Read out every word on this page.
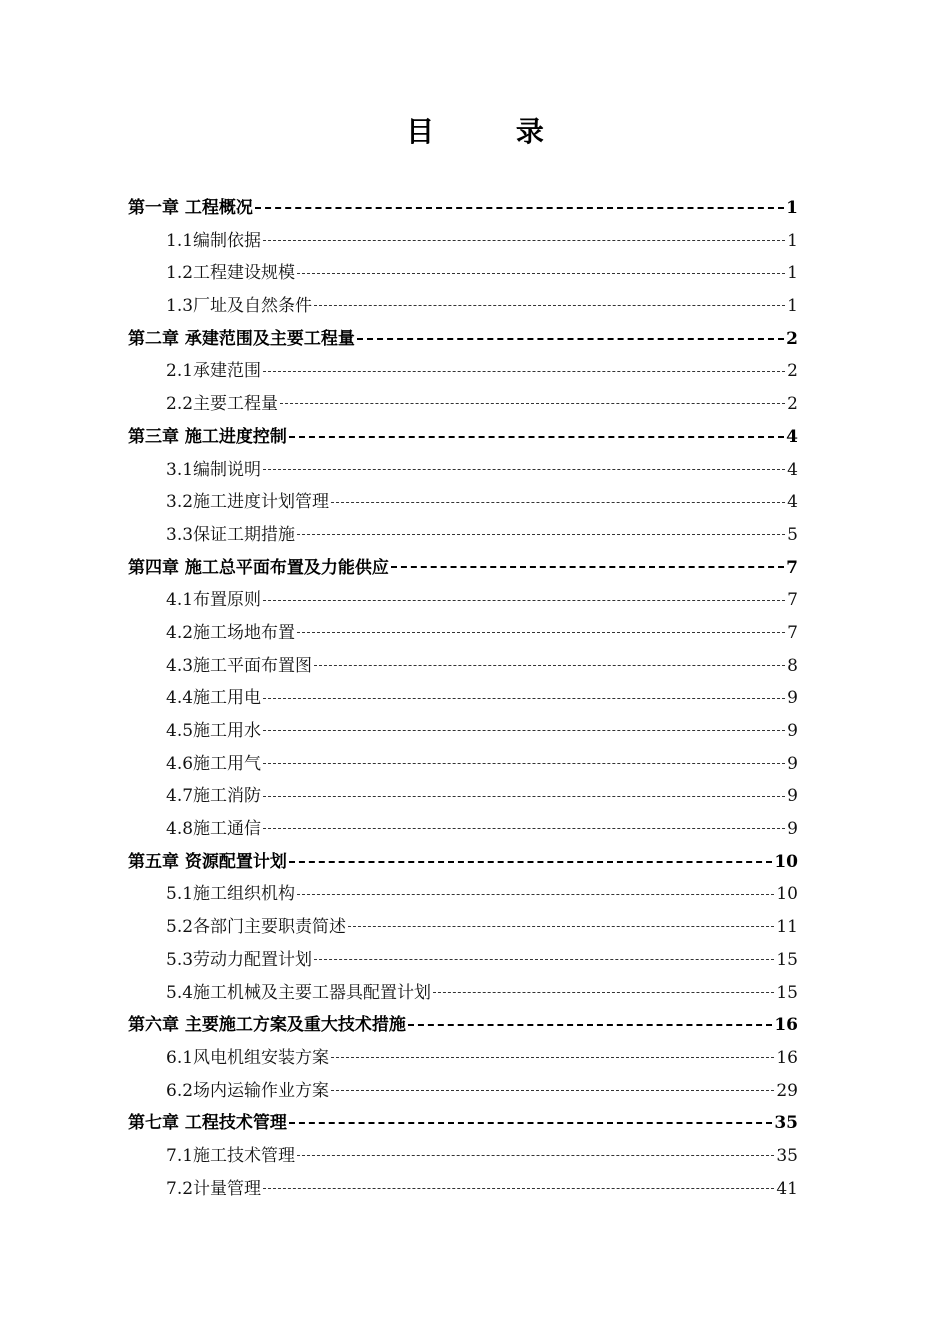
目 录
第一章 工程概况	1
1.1编制依据	1
1.2工程建设规模	1
1.3厂址及自然条件	1
第二章 承建范围及主要工程量	2
2.1承建范围	2
2.2主要工程量	2
第三章 施工进度控制	4
3.1编制说明	4
3.2施工进度计划管理	4
3.3保证工期措施	5
第四章 施工总平面布置及力能供应	7
4.1布置原则	7
4.2施工场地布置	7
4.3施工平面布置图	8
4.4施工用电	9
4.5施工用水	9
4.6施工用气	9
4.7施工消防	9
4.8施工通信	9
第五章 资源配置计划	10
5.1施工组织机构	10
5.2各部门主要职责简述	11
5.3劳动力配置计划	15
5.4施工机械及主要工器具配置计划	15
第六章 主要施工方案及重大技术措施	16
6.1风电机组安装方案	16
6.2场内运输作业方案	29
第七章 工程技术管理	35
7.1施工技术管理	35
7.2计量管理	41
